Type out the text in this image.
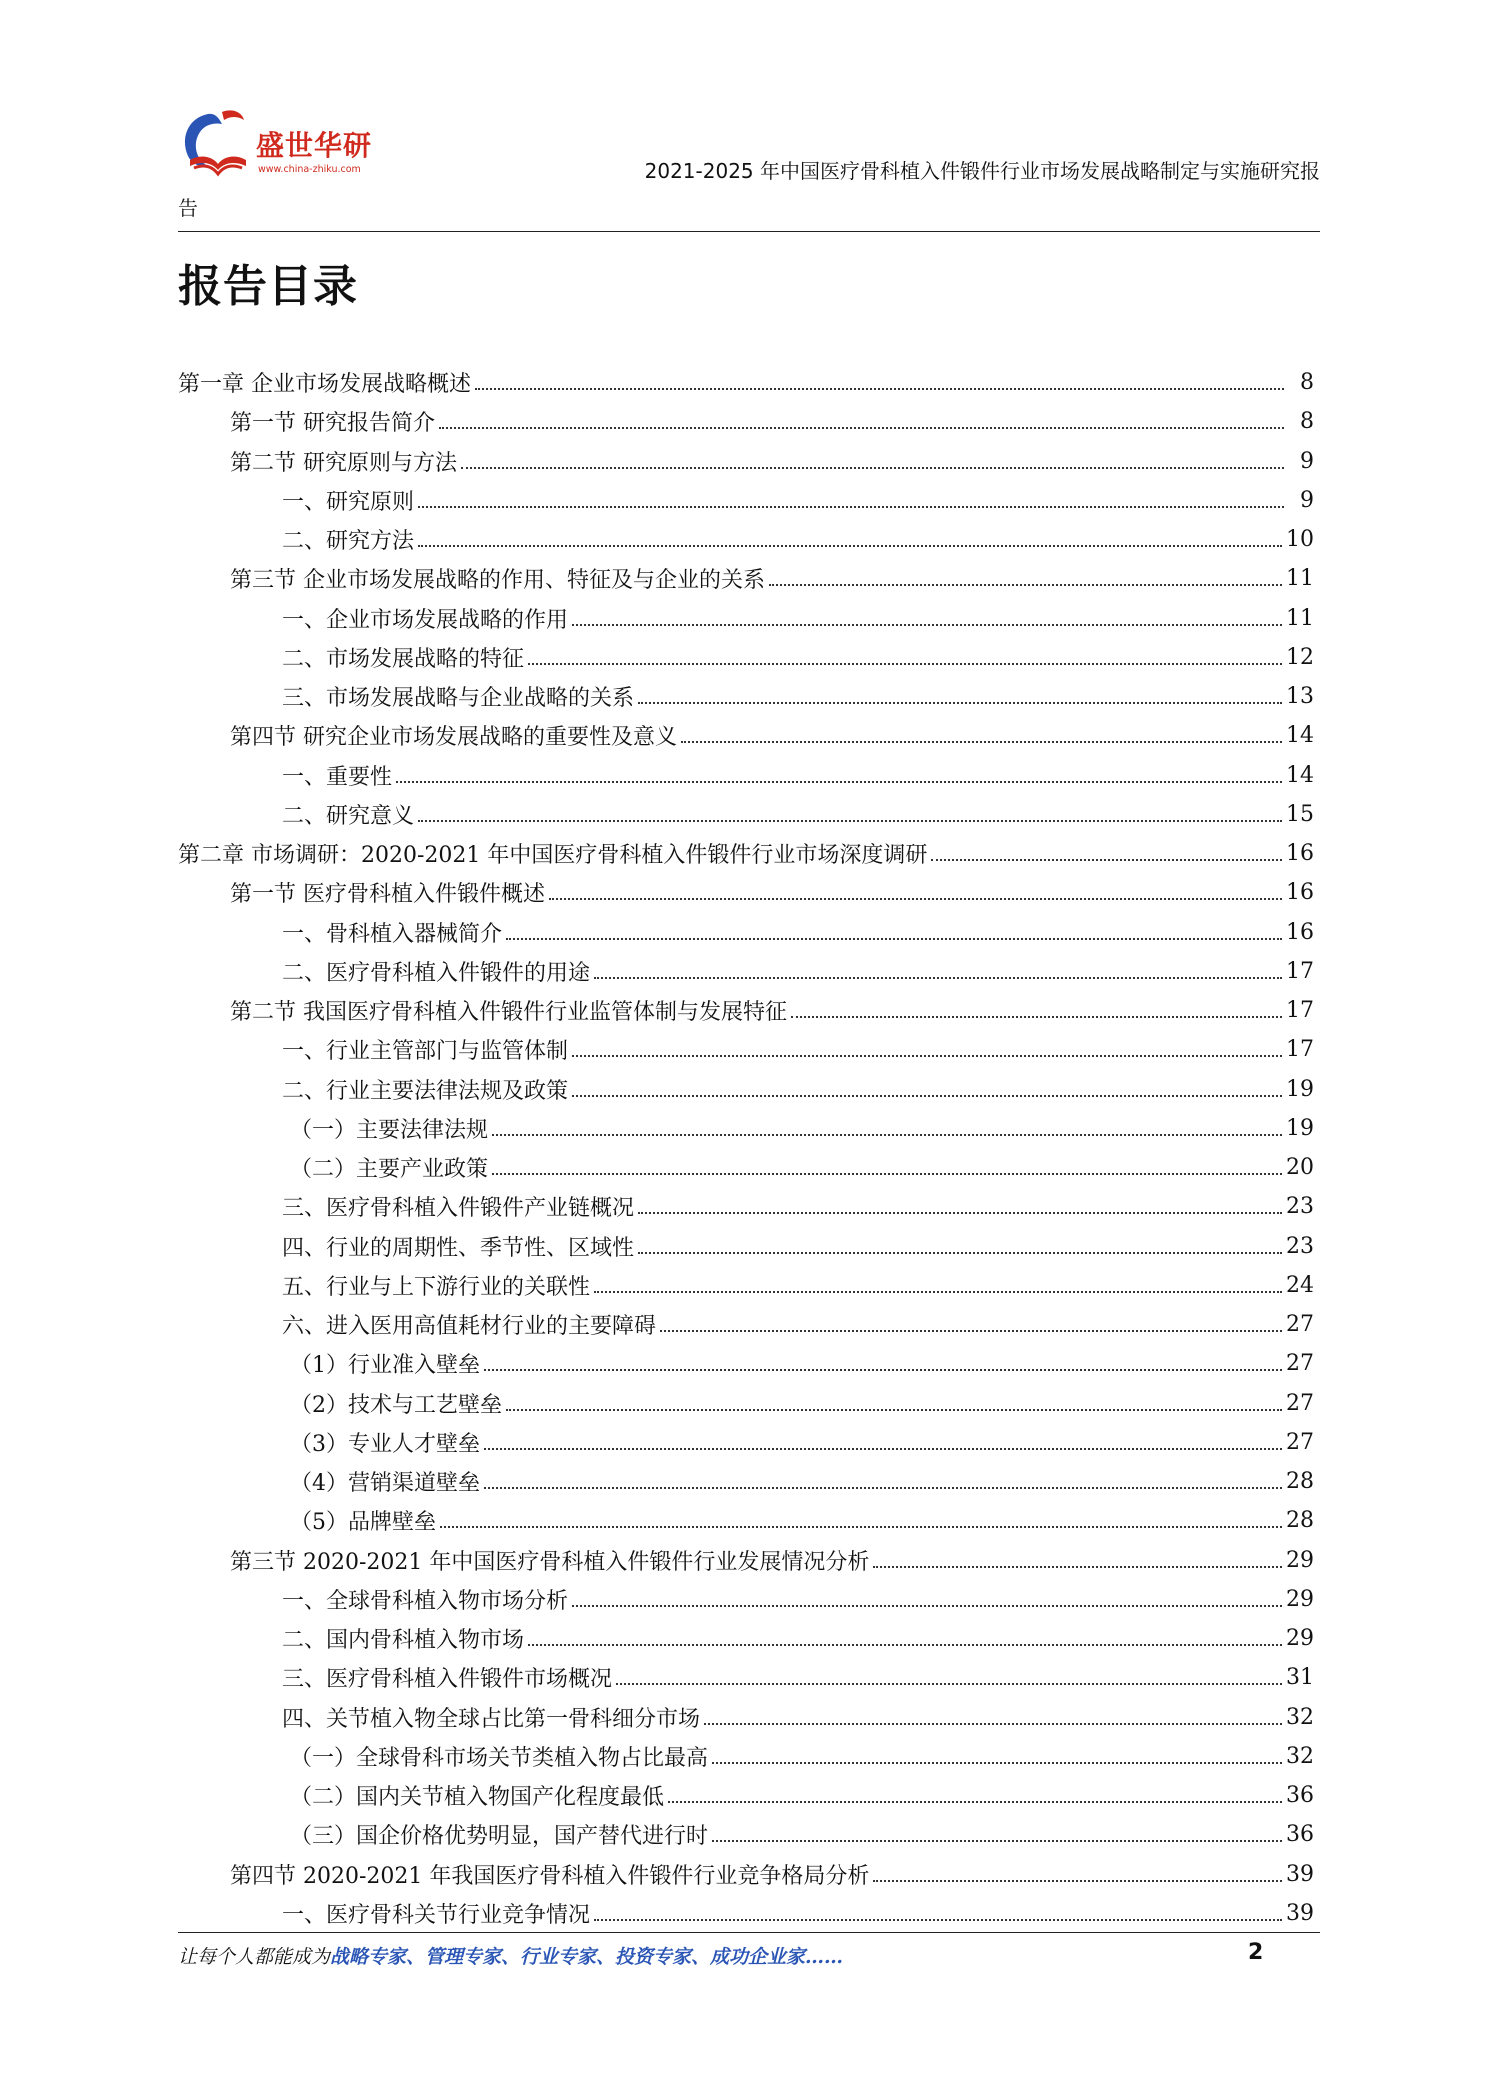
盛世华研
www.china-zhiku.com	2021-2025 年中国医疗骨科植入件锻件行业市场发展战略制定与实施研究报
告
报告目录
第一章 企业市场发展战略概述	8
第一节 研究报告简介	8
第二节 研究原则与方法	9
一、研究原则	9
二、研究方法	10
第三节 企业市场发展战略的作用、特征及与企业的关系	11
一、企业市场发展战略的作用	11
二、市场发展战略的特征	12
三、市场发展战略与企业战略的关系	13
第四节 研究企业市场发展战略的重要性及意义	14
一、重要性	14
二、研究意义	15
第二章 市场调研：2020-2021 年中国医疗骨科植入件锻件行业市场深度调研	16
第一节 医疗骨科植入件锻件概述	16
一、骨科植入器械简介	16
二、医疗骨科植入件锻件的用途	17
第二节 我国医疗骨科植入件锻件行业监管体制与发展特征	17
一、行业主管部门与监管体制	17
二、行业主要法律法规及政策	19
（一）主要法律法规	19
（二）主要产业政策	20
三、医疗骨科植入件锻件产业链概况	23
四、行业的周期性、季节性、区域性	23
五、行业与上下游行业的关联性	24
六、进入医用高值耗材行业的主要障碍	27
（1）行业准入壁垒	27
（2）技术与工艺壁垒	27
（3）专业人才壁垒	27
（4）营销渠道壁垒	28
（5）品牌壁垒	28
第三节 2020-2021 年中国医疗骨科植入件锻件行业发展情况分析	29
一、全球骨科植入物市场分析	29
二、国内骨科植入物市场	29
三、医疗骨科植入件锻件市场概况	31
四、关节植入物全球占比第一骨科细分市场	32
（一）全球骨科市场关节类植入物占比最高	32
（二）国内关节植入物国产化程度最低	36
（三）国企价格优势明显，国产替代进行时	36
第四节 2020-2021 年我国医疗骨科植入件锻件行业竞争格局分析	39
一、医疗骨科关节行业竞争情况	39
让每个人都能成为战略专家、管理专家、行业专家、投资专家、成功企业家……	2
